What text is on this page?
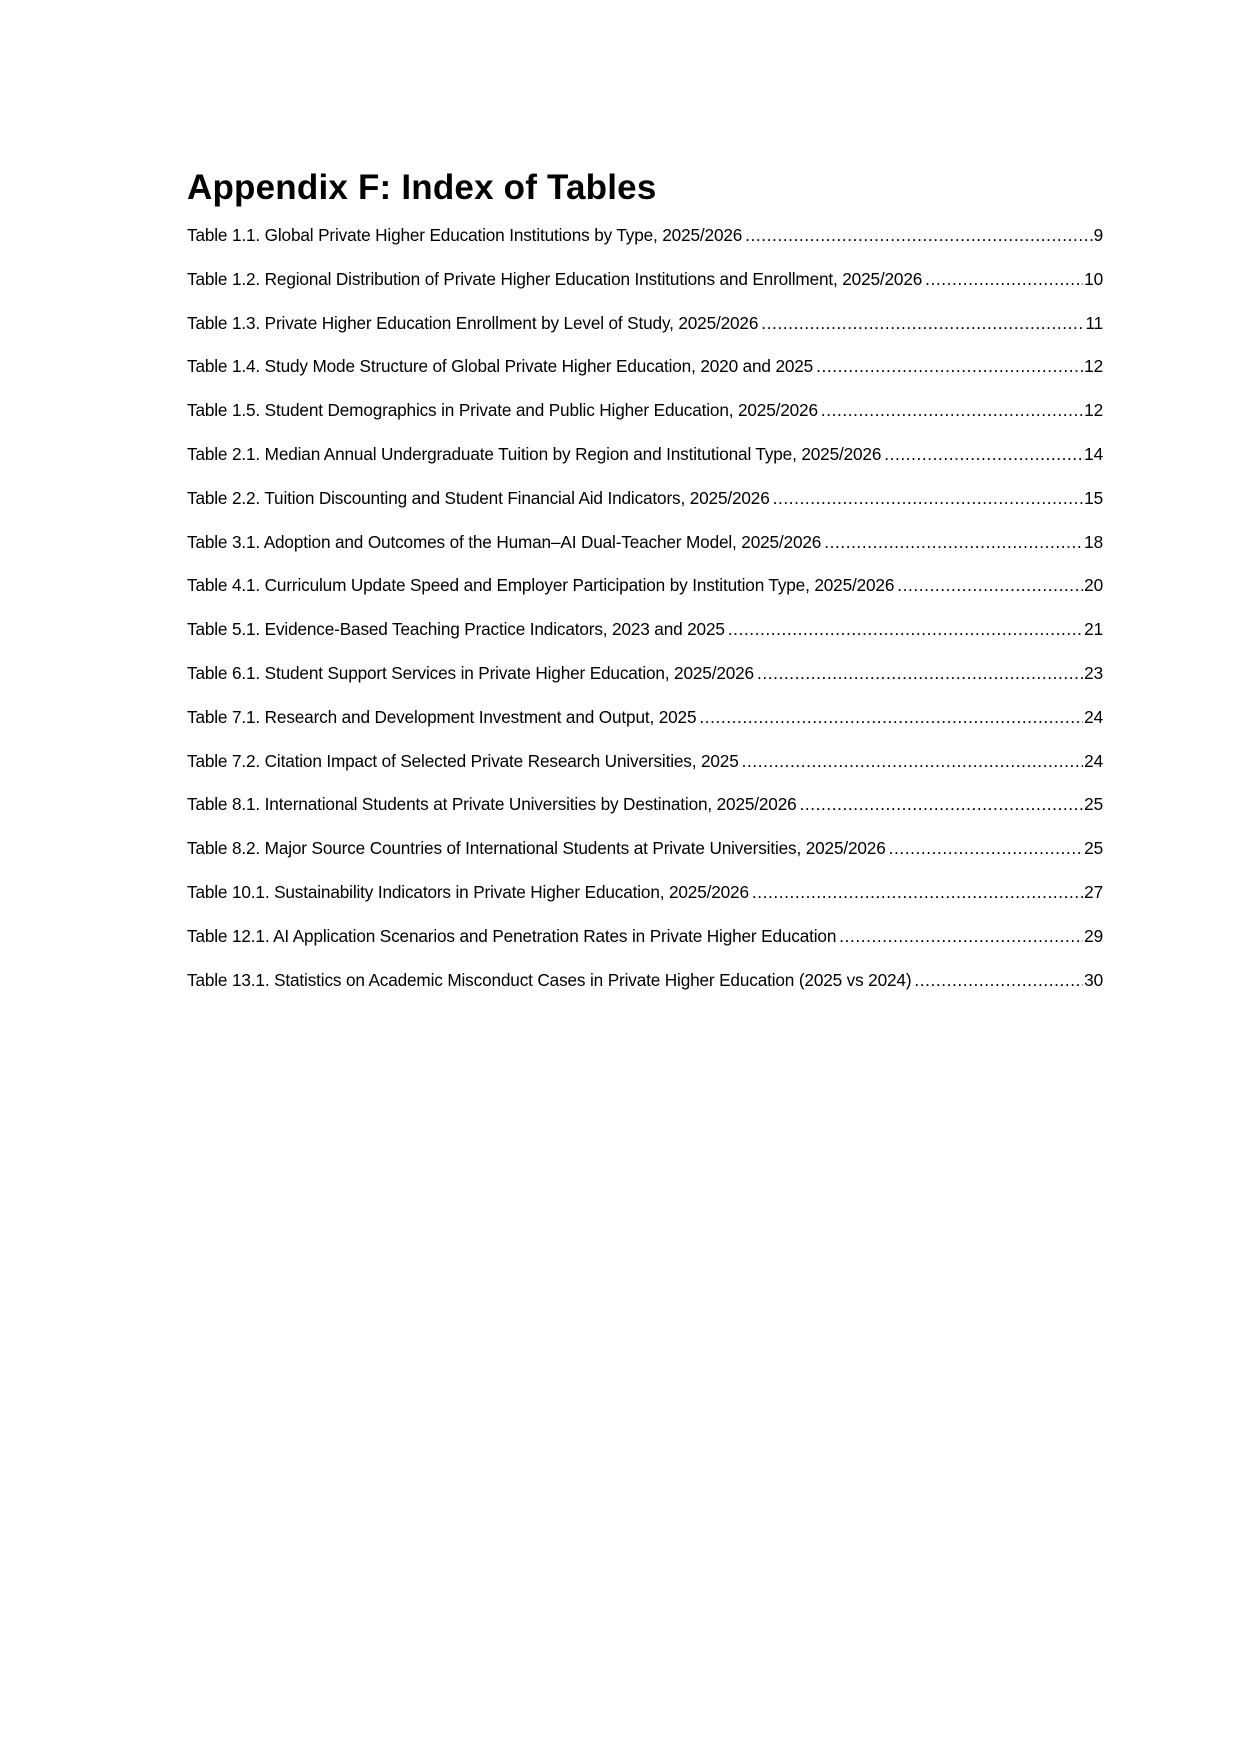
Appendix F: Index of Tables
Table 1.1. Global Private Higher Education Institutions by Type, 2025/2026 .....	9
Table 1.2. Regional Distribution of Private Higher Education Institutions and Enrollment, 2025/2026 .....	10
Table 1.3. Private Higher Education Enrollment by Level of Study, 2025/2026 .....	11
Table 1.4. Study Mode Structure of Global Private Higher Education, 2020 and 2025 .....	12
Table 1.5. Student Demographics in Private and Public Higher Education, 2025/2026 .....	12
Table 2.1. Median Annual Undergraduate Tuition by Region and Institutional Type, 2025/2026 .....	14
Table 2.2. Tuition Discounting and Student Financial Aid Indicators, 2025/2026 .....	15
Table 3.1. Adoption and Outcomes of the Human–AI Dual-Teacher Model, 2025/2026 .....	18
Table 4.1. Curriculum Update Speed and Employer Participation by Institution Type, 2025/2026 .....	20
Table 5.1. Evidence-Based Teaching Practice Indicators, 2023 and 2025 .....	21
Table 6.1. Student Support Services in Private Higher Education, 2025/2026 .....	23
Table 7.1. Research and Development Investment and Output, 2025 .....	24
Table 7.2. Citation Impact of Selected Private Research Universities, 2025 .....	24
Table 8.1. International Students at Private Universities by Destination, 2025/2026 .....	25
Table 8.2. Major Source Countries of International Students at Private Universities, 2025/2026 .....	25
Table 10.1. Sustainability Indicators in Private Higher Education, 2025/2026 .....	27
Table 12.1. AI Application Scenarios and Penetration Rates in Private Higher Education .....	29
Table 13.1. Statistics on Academic Misconduct Cases in Private Higher Education (2025 vs 2024) .....	30
